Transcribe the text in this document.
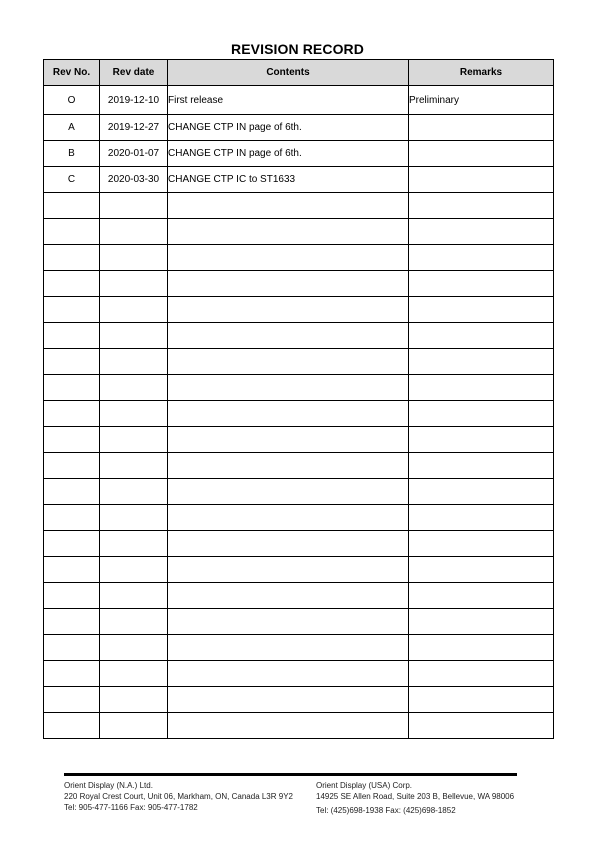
REVISION RECORD
Rev No.	Rev date	Contents	Remarks
O	2019-12-10	First release	Preliminary
A	2019-12-27	CHANGE CTP IN page of 6th.	
B	2020-01-07	CHANGE CTP IN page of 6th.	
C	2020-03-30	CHANGE CTP IC to ST1633	

Orient Display (N.A.) Ltd.
220 Royal Crest Court, Unit 06, Markham, ON, Canada L3R 9Y2
Tel: 905-477-1166 Fax: 905-477-1782
Orient Display (USA) Corp.
14925 SE Allen Road, Suite 203 B, Bellevue, WA 98006
Tel: (425)698-1938 Fax: (425)698-1852
